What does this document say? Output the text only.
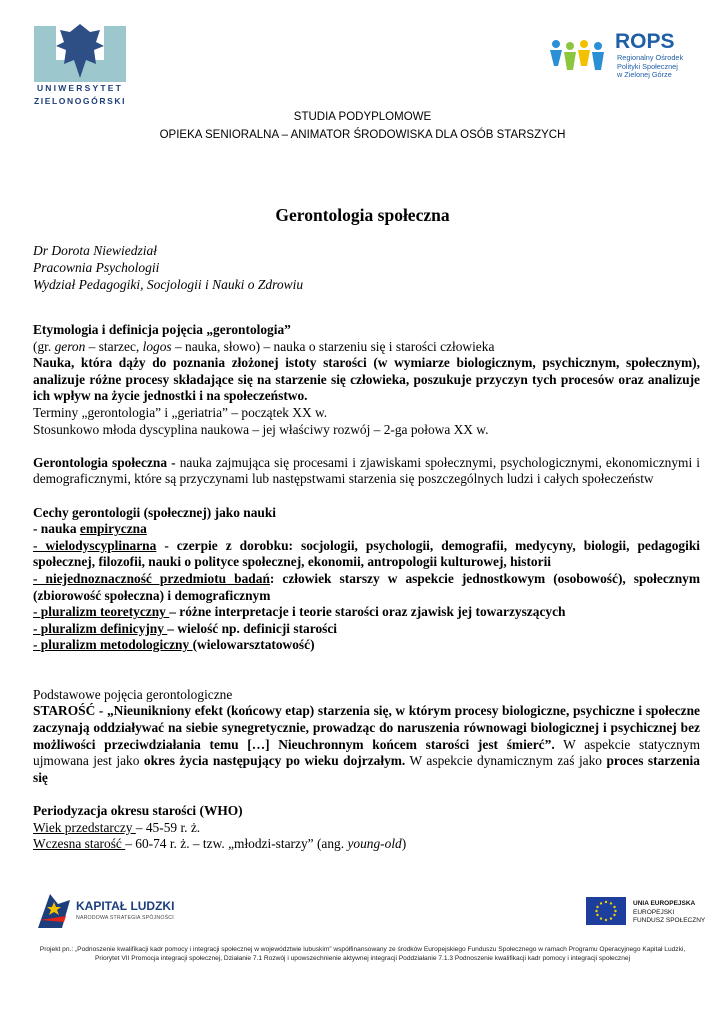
UNIWERSYTET
ZIELONOGÓRSKI
ROPS
Regionalny Ośrodek
Polityki Społecznej
w Zielonej Górze
STUDIA PODYPLOMOWE
OPIEKA SENIORALNA – ANIMATOR ŚRODOWISKA DLA OSÓB STARSZYCH
Gerontologia społeczna
Dr Dorota Niewiedział
Pracownia Psychologii
Wydział Pedagogiki, Socjologii i Nauki o Zdrowiu

Etymologia i definicja pojęcia „gerontologia”

(gr. geron – starzec, logos – nauka, słowo) – nauka o starzeniu się i starości człowieka

Nauka, która dąży do poznania złożonej istoty starości (w wymiarze biologicznym, psychicznym, społecznym), analizuje różne procesy składające się na starzenie się człowieka, poszukuje przyczyn tych procesów oraz analizuje ich wpływ na życie jednostki i na społeczeństwo.

Terminy „gerontologia” i „geriatria” – początek XX w.

Stosunkowo młoda dyscyplina naukowa – jej właściwy rozwój – 2-ga połowa XX w.

Gerontologia społeczna - nauka zajmująca się procesami i zjawiskami społecznymi, psychologicznymi, ekonomicznymi i demograficznymi, które są przyczynami lub następstwami starzenia się poszczególnych ludzi i całych społeczeństw

Cechy gerontologii (społecznej) jako nauki

- nauka empiryczna

- wielodyscyplinarna - czerpie z dorobku: socjologii, psychologii, demografii, medycyny, biologii, pedagogiki społecznej, filozofii, nauki o polityce społecznej, ekonomii, antropologii kulturowej, historii

- niejednoznaczność przedmiotu badań: człowiek starszy w aspekcie jednostkowym (osobowość), społecznym (zbiorowość społeczna) i demograficznym

- pluralizm teoretyczny – różne interpretacje i teorie starości oraz zjawisk jej towarzyszących

- pluralizm definicyjny – wielość np. definicji starości

- pluralizm metodologiczny (wielowarsztatowość)

Podstawowe pojęcia gerontologiczne

STAROŚĆ - „Nieunikniony efekt (końcowy etap) starzenia się, w którym procesy biologiczne, psychiczne i społeczne zaczynają oddziaływać na siebie synegretycznie, prowadząc do naruszenia równowagi biologicznej i psychicznej bez możliwości przeciwdziałania temu […] Nieuchronnym końcem starości jest śmierć”. W aspekcie statycznym ujmowana jest jako okres życia następujący po wieku dojrzałym. W aspekcie dynamicznym zaś jako proces starzenia się

Periodyzacja okresu starości (WHO)

Wiek przedstarczy – 45-59 r. ż.

Wczesna starość – 60-74 r. ż. – tzw. „młodzi-starzy” (ang. young-old)

KAPITAŁ LUDZKI
NARODOWA STRATEGIA SPÓJNOŚCI
UNIA EUROPEJSKA
EUROPEJSKI
FUNDUSZ SPOŁECZNY
Projekt pn.: „Podnoszenie kwalifikacji kadr pomocy i integracji społecznej w województwie lubuskim” współfinansowany ze środków Europejskiego Funduszu Społecznego w ramach Programu Operacyjnego Kapitał Ludzki,
Priorytet VII Promocja integracji społecznej, Działanie 7.1 Rozwój i upowszechnienie aktywnej integracji Poddziałanie 7.1.3 Podnoszenie kwalifikacji kadr pomocy i integracji społecznej
